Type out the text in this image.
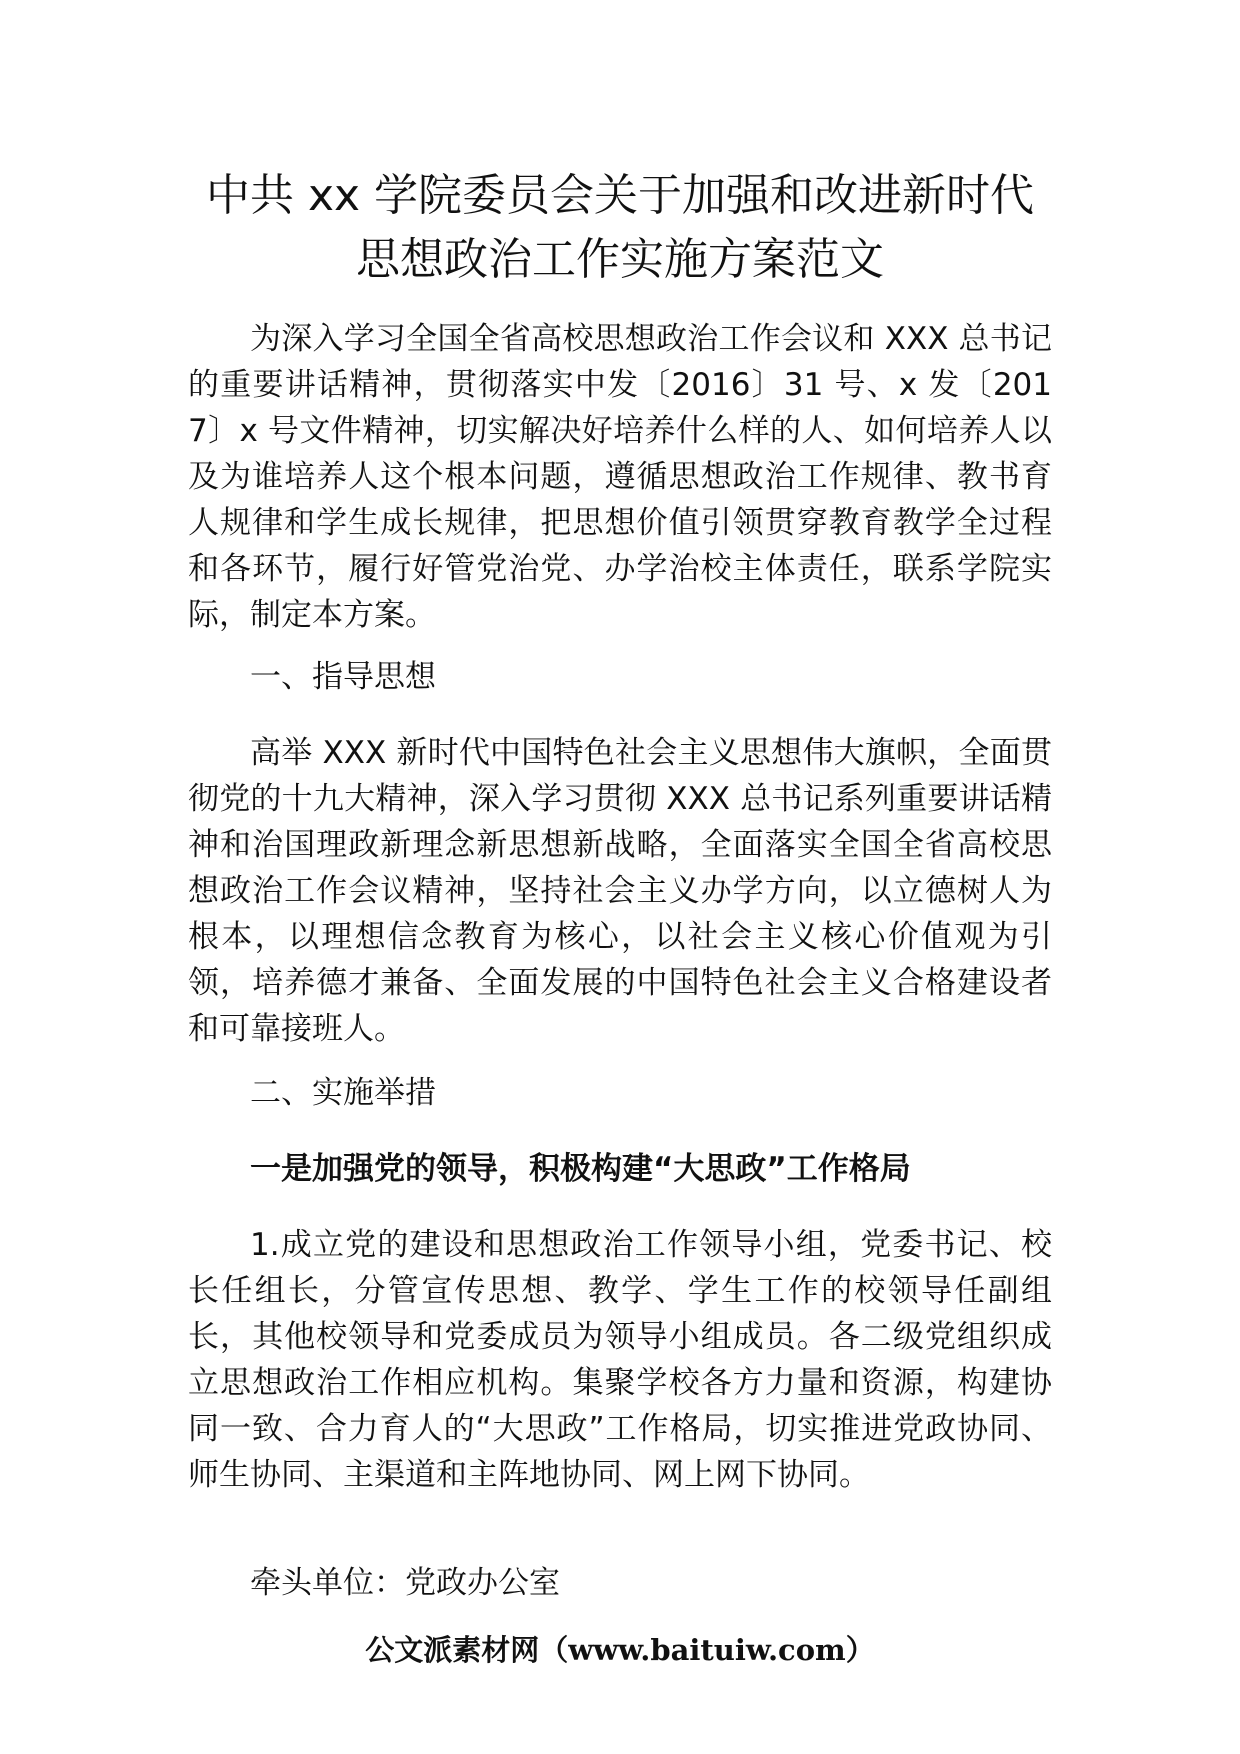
中共 xx 学院委员会关于加强和改进新时代
思想政治工作实施方案范文

为深入学习全国全省高校思想政治工作会议和 XXX 总书记的重要讲话精神，贯彻落实中发〔2016〕31 号、x 发〔2017〕x 号文件精神，切实解决好培养什么样的人、如何培养人以及为谁培养人这个根本问题，遵循思想政治工作规律、教书育人规律和学生成长规律，把思想价值引领贯穿教育教学全过程和各环节，履行好管党治党、办学治校主体责任，联系学院实际，制定本方案。

一、指导思想

高举 XXX 新时代中国特色社会主义思想伟大旗帜，全面贯彻党的十九大精神，深入学习贯彻 XXX 总书记系列重要讲话精神和治国理政新理念新思想新战略，全面落实全国全省高校思想政治工作会议精神，坚持社会主义办学方向，以立德树人为根本，以理想信念教育为核心，以社会主义核心价值观为引领，培养德才兼备、全面发展的中国特色社会主义合格建设者和可靠接班人。

二、实施举措

一是加强党的领导，积极构建“大思政”工作格局

1.成立党的建设和思想政治工作领导小组，党委书记、校长任组长，分管宣传思想、教学、学生工作的校领导任副组长，其他校领导和党委成员为领导小组成员。各二级党组织成立思想政治工作相应机构。集聚学校各方力量和资源，构建协同一致、合力育人的“大思政”工作格局，切实推进党政协同、师生协同、主渠道和主阵地协同、网上网下协同。

牵头单位：党政办公室

公文派素材网（www.baituiw.com）
